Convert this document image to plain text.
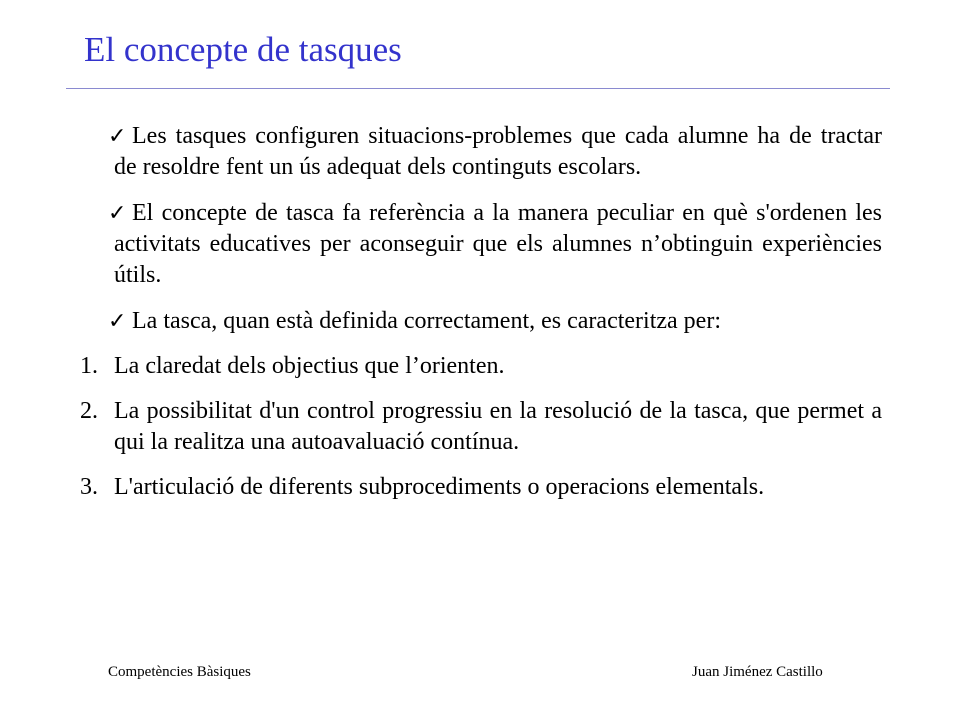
El concepte de tasques
✓ Les tasques configuren situacions-problemes que cada alumne ha de tractar de resoldre fent un ús adequat dels continguts escolars.
✓ El concepte de tasca fa referència a la manera peculiar en què s'ordenen les activitats educatives per aconseguir que els alumnes n’obtinguin experiències útils.
✓ La tasca, quan està definida correctament, es caracteritza per:
1. La claredat dels objectius que l’orienten.
2. La possibilitat d'un control progressiu en la resolució de la tasca, que permet a qui la realitza una autoavaluació contínua.
3. L'articulació de diferents subprocediments o operacions elementals.
Competències Bàsiques	Juan Jiménez Castillo
